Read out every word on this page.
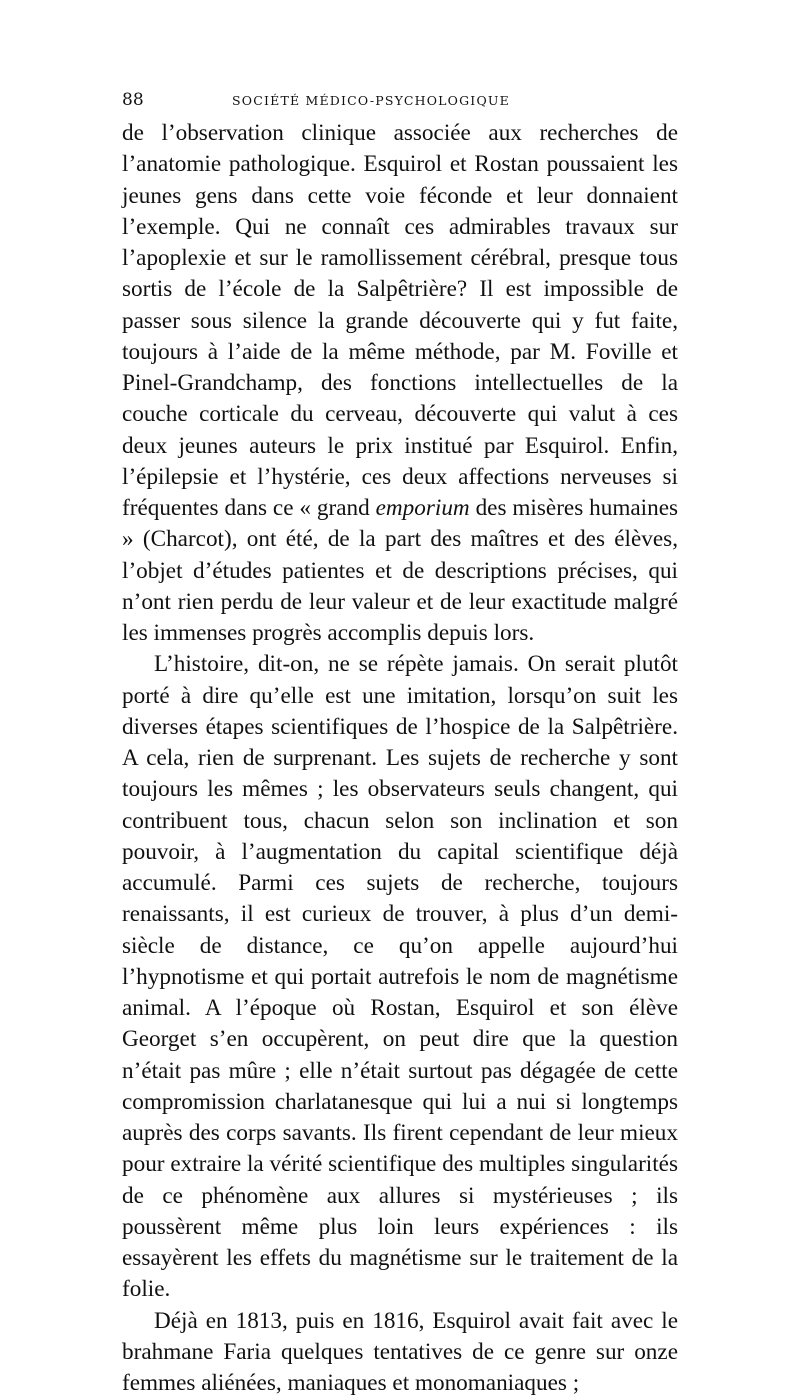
88	SOCIÉTÉ MÉDICO-PSYCHOLOGIQUE

de l’observation clinique associée aux recherches de l’anatomie pathologique. Esquirol et Rostan poussaient les jeunes gens dans cette voie féconde et leur donnaient l’exemple. Qui ne connaît ces admirables travaux sur l’apoplexie et sur le ramollissement cérébral, presque tous sortis de l’école de la Salpêtrière? Il est impossible de passer sous silence la grande découverte qui y fut faite, toujours à l’aide de la même méthode, par M. Foville et Pinel-Grandchamp, des fonctions intellectuelles de la couche corticale du cerveau, découverte qui valut à ces deux jeunes auteurs le prix institué par Esquirol. Enfin, l’épilepsie et l’hystérie, ces deux affections nerveuses si fréquentes dans ce « grand emporium des misères humaines » (Charcot), ont été, de la part des maîtres et des élèves, l’objet d’études patientes et de descriptions précises, qui n’ont rien perdu de leur valeur et de leur exactitude malgré les immenses progrès accomplis depuis lors.

L’histoire, dit-on, ne se répète jamais. On serait plutôt porté à dire qu’elle est une imitation, lorsqu’on suit les diverses étapes scientifiques de l’hospice de la Salpêtrière. A cela, rien de surprenant. Les sujets de recherche y sont toujours les mêmes ; les observateurs seuls changent, qui contribuent tous, chacun selon son inclination et son pouvoir, à l’augmentation du capital scientifique déjà accumulé. Parmi ces sujets de recherche, toujours renaissants, il est curieux de trouver, à plus d’un demi-siècle de distance, ce qu’on appelle aujourd’hui l’hypnotisme et qui portait autrefois le nom de magnétisme animal. A l’époque où Rostan, Esquirol et son élève Georget s’en occupèrent, on peut dire que la question n’était pas mûre ; elle n’était surtout pas dégagée de cette compromission charlatanesque qui lui a nui si longtemps auprès des corps savants. Ils firent cependant de leur mieux pour extraire la vérité scientifique des multiples singularités de ce phénomène aux allures si mystérieuses ; ils poussèrent même plus loin leurs expériences : ils essayèrent les effets du magnétisme sur le traitement de la folie.

Déjà en 1813, puis en 1816, Esquirol avait fait avec le brahmane Faria quelques tentatives de ce genre sur onze femmes aliénées, maniaques et monomaniaques ;
